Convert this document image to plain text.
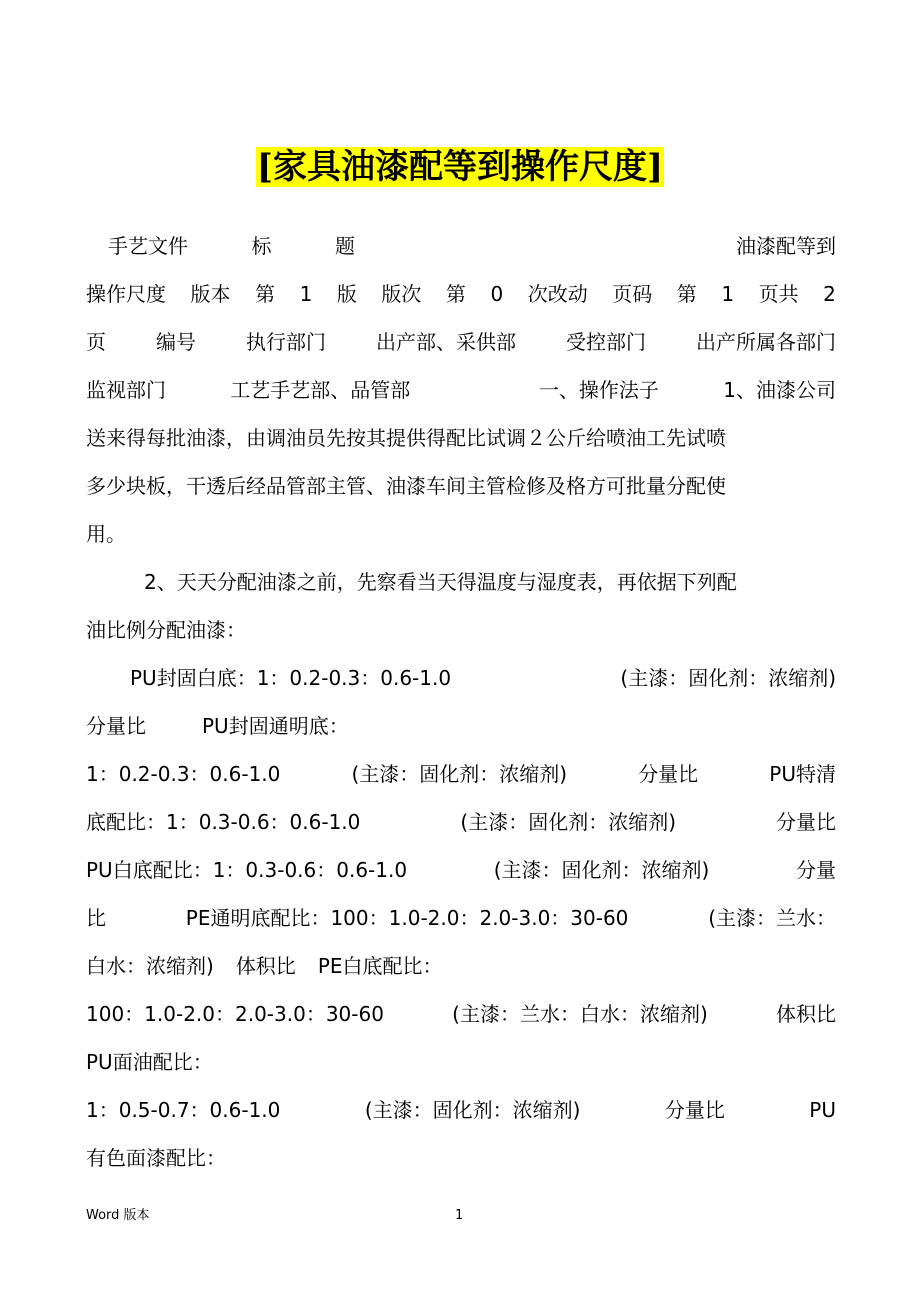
[家具油漆配等到操作尺度]
手艺文件	标	题	油漆配等到
操作尺度 版本 第 1 版 版次 第 0 次改动 页码 第 1 页共 2
页	编号	执行部门	出产部、采供部	受控部门	出产所属各部门
监视部门	工艺手艺部、品管部	一、操作法子	1、油漆公司
送来得每批油漆，由调油员先按其提供得配比试调２公斤给喷油工先试喷
多少块板，干透后经品管部主管、油漆车间主管检修及格方可批量分配使
用。
2、天天分配油漆之前，先察看当天得温度与湿度表，再依据下列配
油比例分配油漆：
PU封固白底：1：0.2-0.3：0.6-1.0	(主漆：固化剂：浓缩剂)
分量比	PU封固通明底：
1：0.2-0.3：0.6-1.0	(主漆：固化剂：浓缩剂)	分量比	PU特清
底配比：1：0.3-0.6：0.6-1.0	(主漆：固化剂：浓缩剂)	分量比
PU白底配比：1：0.3-0.6：0.6-1.0	(主漆：固化剂：浓缩剂)	分量
比	PE通明底配比：100：1.0-2.0：2.0-3.0：30-60	(主漆：兰水：
白水：浓缩剂) 体积比 PE白底配比：
100：1.0-2.0：2.0-3.0：30-60	(主漆：兰水：白水：浓缩剂)	体积比
PU面油配比：
1：0.5-0.7：0.6-1.0	(主漆：固化剂：浓缩剂)	分量比	PU
有色面漆配比：
Word 版本	1
